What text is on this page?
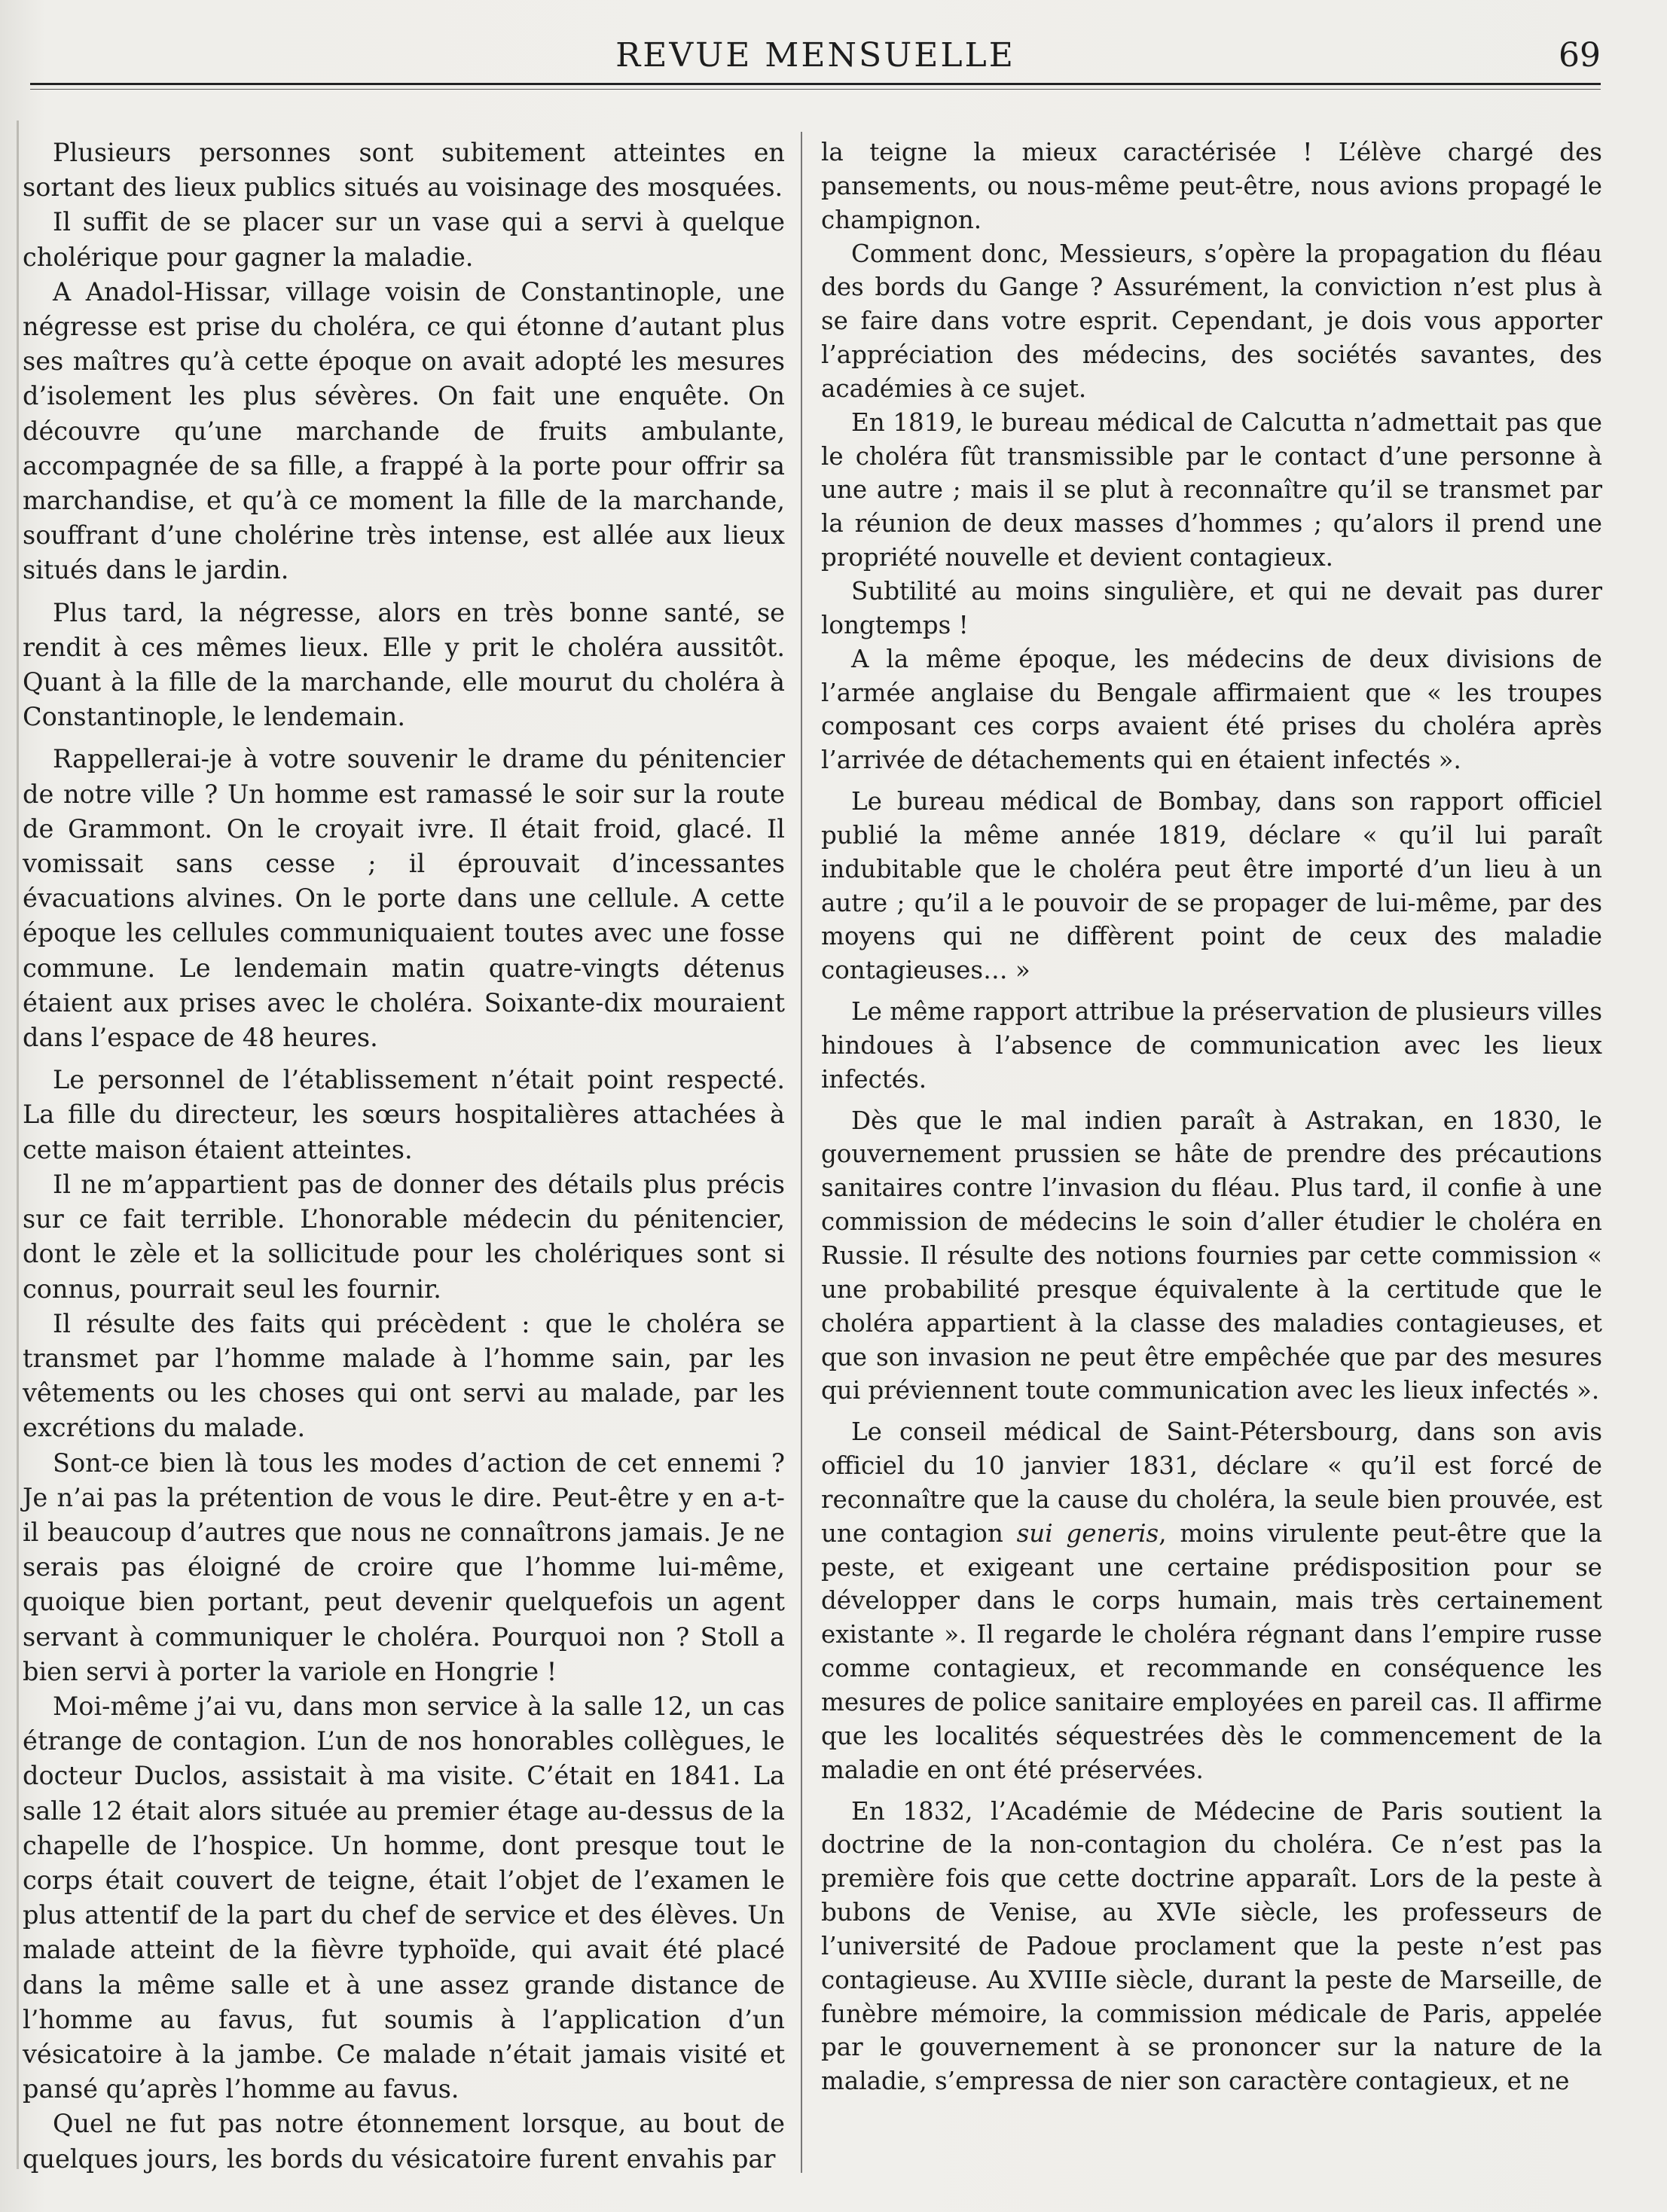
REVUE MENSUELLE	69

Plusieurs personnes sont subitement atteintes en sortant des lieux publics situés au voisinage des mosquées.

Il suffit de se placer sur un vase qui a servi à quelque cholérique pour gagner la maladie.

A Anadol-Hissar, village voisin de Constantinople, une négresse est prise du choléra, ce qui étonne d’autant plus ses maîtres qu’à cette époque on avait adopté les mesures d’isolement les plus sévères. On fait une enquête. On découvre qu’une marchande de fruits ambulante, accompagnée de sa fille, a frappé à la porte pour offrir sa marchandise, et qu’à ce moment la fille de la marchande, souffrant d’une cholérine très intense, est allée aux lieux situés dans le jardin.

Plus tard, la négresse, alors en très bonne santé, se rendit à ces mêmes lieux. Elle y prit le choléra aussitôt. Quant à la fille de la marchande, elle mourut du choléra à Constantinople, le lendemain.

Rappellerai-je à votre souvenir le drame du pénitencier de notre ville ? Un homme est ramassé le soir sur la route de Grammont. On le croyait ivre. Il était froid, glacé. Il vomissait sans cesse ; il éprouvait d’incessantes évacuations alvines. On le porte dans une cellule. A cette époque les cellules communiquaient toutes avec une fosse commune. Le lendemain matin quatre-vingts détenus étaient aux prises avec le choléra. Soixante-dix mouraient dans l’espace de 48 heures.

Le personnel de l’établissement n’était point respecté. La fille du directeur, les sœurs hospitalières attachées à cette maison étaient atteintes.

Il ne m’appartient pas de donner des détails plus précis sur ce fait terrible. L’honorable médecin du pénitencier, dont le zèle et la sollicitude pour les cholériques sont si connus, pourrait seul les fournir.

Il résulte des faits qui précèdent : que le choléra se transmet par l’homme malade à l’homme sain, par les vêtements ou les choses qui ont servi au malade, par les excrétions du malade.

Sont-ce bien là tous les modes d’action de cet ennemi ? Je n’ai pas la prétention de vous le dire. Peut-être y en a-t-il beaucoup d’autres que nous ne connaîtrons jamais. Je ne serais pas éloigné de croire que l’homme lui-même, quoique bien portant, peut devenir quelquefois un agent servant à communiquer le choléra. Pourquoi non ? Stoll a bien servi à porter la variole en Hongrie !

Moi-même j’ai vu, dans mon service à la salle 12, un cas étrange de contagion. L’un de nos honorables collègues, le docteur Duclos, assistait à ma visite. C’était en 1841. La salle 12 était alors située au premier étage au-dessus de la chapelle de l’hospice. Un homme, dont presque tout le corps était couvert de teigne, était l’objet de l’examen le plus attentif de la part du chef de service et des élèves. Un malade atteint de la fièvre typhoïde, qui avait été placé dans la même salle et à une assez grande distance de l’homme au favus, fut soumis à l’application d’un vésicatoire à la jambe. Ce malade n’était jamais visité et pansé qu’après l’homme au favus.

Quel ne fut pas notre étonnement lorsque, au bout de quelques jours, les bords du vésicatoire furent envahis par

la teigne la mieux caractérisée ! L’élève chargé des pansements, ou nous-même peut-être, nous avions propagé le champignon.

Comment donc, Messieurs, s’opère la propagation du fléau des bords du Gange ? Assurément, la conviction n’est plus à se faire dans votre esprit. Cependant, je dois vous apporter l’appréciation des médecins, des sociétés savantes, des académies à ce sujet.

En 1819, le bureau médical de Calcutta n’admettait pas que le choléra fût transmissible par le contact d’une personne à une autre ; mais il se plut à reconnaître qu’il se transmet par la réunion de deux masses d’hommes ; qu’alors il prend une propriété nouvelle et devient contagieux.

Subtilité au moins singulière, et qui ne devait pas durer longtemps !

A la même époque, les médecins de deux divisions de l’armée anglaise du Bengale affirmaient que « les troupes composant ces corps avaient été prises du choléra après l’arrivée de détachements qui en étaient infectés ».

Le bureau médical de Bombay, dans son rapport officiel publié la même année 1819, déclare « qu’il lui paraît indubitable que le choléra peut être importé d’un lieu à un autre ; qu’il a le pouvoir de se propager de lui-même, par des moyens qui ne diffèrent point de ceux des maladie contagieuses… »

Le même rapport attribue la préservation de plusieurs villes hindoues à l’absence de communication avec les lieux infectés.

Dès que le mal indien paraît à Astrakan, en 1830, le gouvernement prussien se hâte de prendre des précautions sanitaires contre l’invasion du fléau. Plus tard, il confie à une commission de médecins le soin d’aller étudier le choléra en Russie. Il résulte des notions fournies par cette commission « une probabilité presque équivalente à la certitude que le choléra appartient à la classe des maladies contagieuses, et que son invasion ne peut être empêchée que par des mesures qui préviennent toute communication avec les lieux infectés ».

Le conseil médical de Saint-Pétersbourg, dans son avis officiel du 10 janvier 1831, déclare « qu’il est forcé de reconnaître que la cause du choléra, la seule bien prouvée, est une contagion sui generis, moins virulente peut-être que la peste, et exigeant une certaine prédisposition pour se développer dans le corps humain, mais très certainement existante ». Il regarde le choléra régnant dans l’empire russe comme contagieux, et recommande en conséquence les mesures de police sanitaire employées en pareil cas. Il affirme que les localités séquestrées dès le commencement de la maladie en ont été préservées.

En 1832, l’Académie de Médecine de Paris soutient la doctrine de la non-contagion du choléra. Ce n’est pas la première fois que cette doctrine apparaît. Lors de la peste à bubons de Venise, au XVIe siècle, les professeurs de l’université de Padoue proclament que la peste n’est pas contagieuse. Au XVIIIe siècle, durant la peste de Marseille, de funèbre mémoire, la commission médicale de Paris, appelée par le gouvernement à se prononcer sur la nature de la maladie, s’empressa de nier son caractère contagieux, et ne
